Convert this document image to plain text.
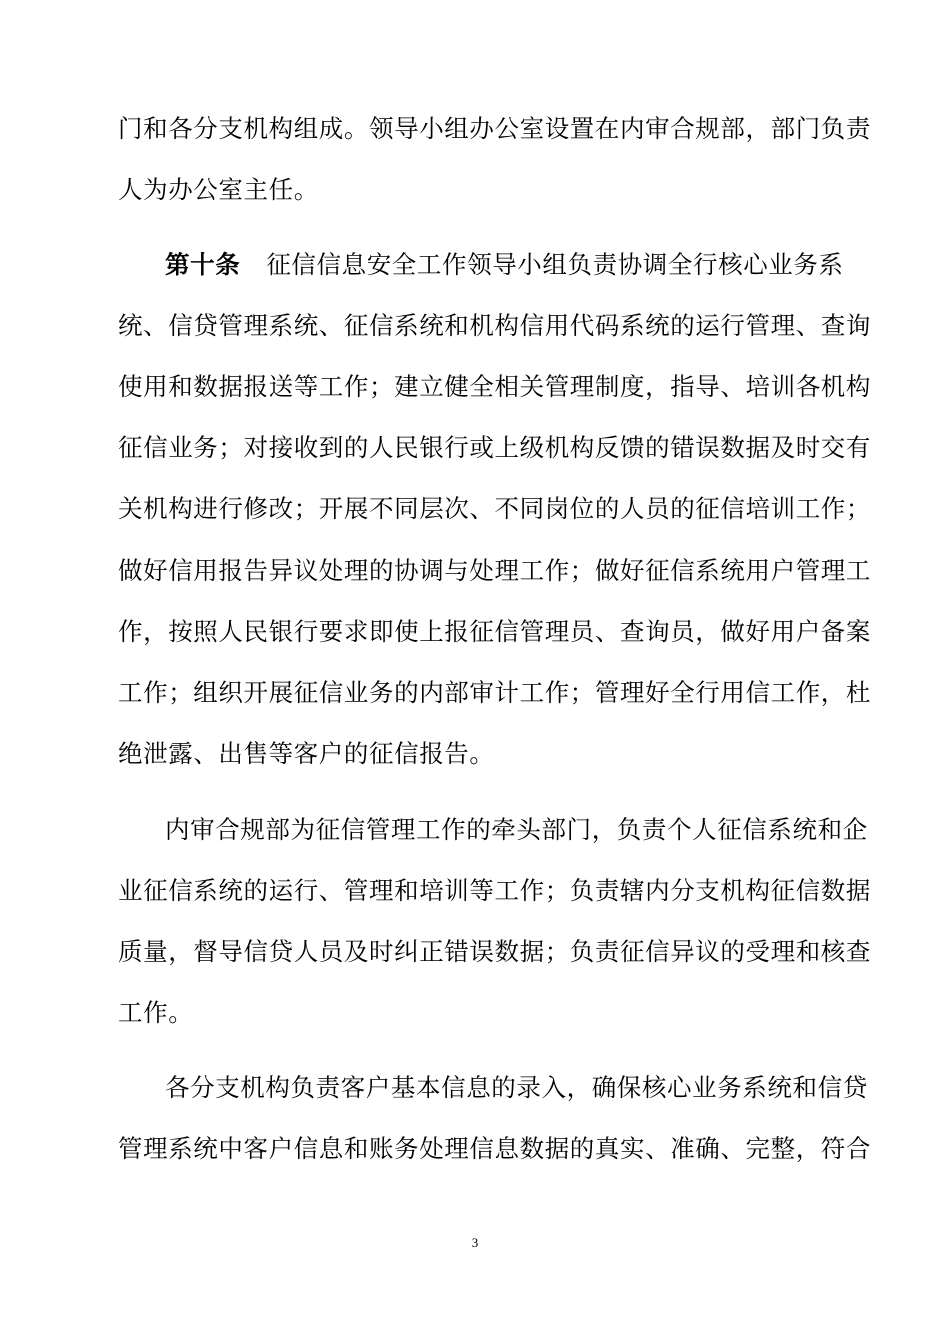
门和各分支机构组成。领导小组办公室设置在内审合规部，部门负责
人为办公室主任。
第十条 征信信息安全工作领导小组负责协调全行核心业务系
统、信贷管理系统、征信系统和机构信用代码系统的运行管理、查询
使用和数据报送等工作；建立健全相关管理制度，指导、培训各机构
征信业务；对接收到的人民银行或上级机构反馈的错误数据及时交有
关机构进行修改；开展不同层次、不同岗位的人员的征信培训工作；
做好信用报告异议处理的协调与处理工作；做好征信系统用户管理工
作，按照人民银行要求即使上报征信管理员、查询员，做好用户备案
工作；组织开展征信业务的内部审计工作；管理好全行用信工作，杜
绝泄露、出售等客户的征信报告。
内审合规部为征信管理工作的牵头部门，负责个人征信系统和企
业征信系统的运行、管理和培训等工作；负责辖内分支机构征信数据
质量，督导信贷人员及时纠正错误数据；负责征信异议的受理和核查
工作。
各分支机构负责客户基本信息的录入，确保核心业务系统和信贷
管理系统中客户信息和账务处理信息数据的真实、准确、完整，符合
3
